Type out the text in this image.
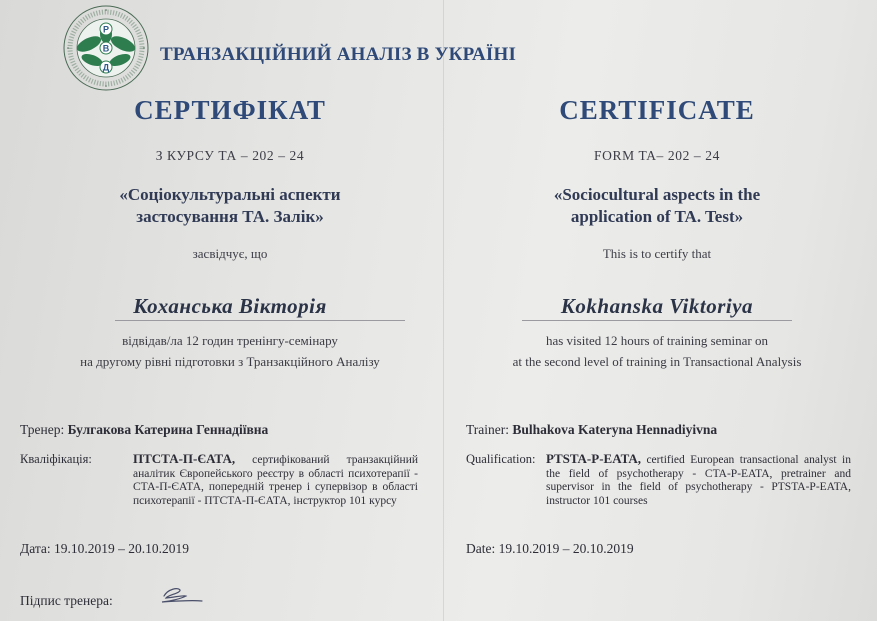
Р
В
Д
ТРАНЗАКЦІЙНИЙ АНАЛІЗ В УКРАЇНІ
СЕРТИФІКАТ
З КУРСУ ТА – 202 – 24
«Соціокультуральні аспекти
застосування ТА. Залік»
засвідчує, що
Коханська Вікторія
відвідав/ла 12 годин тренінгу-семінару
на другому рівні підготовки з Транзакційного Аналізу
Тренер: Булгакова Катерина Геннадіївна
Кваліфікація:	ПТСТА-П-ЄАТА, сертифікований транзакційний аналітик Європейського реєстру в області психотерапії - СТА-П-ЄАТА, попередній тренер і супервізор в області психотерапії - ПТСТА-П-ЄАТА, інструктор 101 курсу
Дата: 19.10.2019 – 20.10.2019
Підпис тренера:
CERTIFICATE
FORM TA– 202 – 24
«Sociocultural aspects in the
application of TA. Test»
This is to certify that
Kokhanska Viktoriya
has visited 12 hours of training seminar on
at the second level of training in Transactional Analysis
Trainer: Bulhakova Kateryna Hennadiyivna
Qualification: PTSTA-P-EATA, certified European transactional analyst in the field of psychotherapy - CTA-P-EATA, pretrainer and supervisor in the field of psychotherapy - PTSTA-P-EATA, instructor 101 courses
Date: 19.10.2019 – 20.10.2019
